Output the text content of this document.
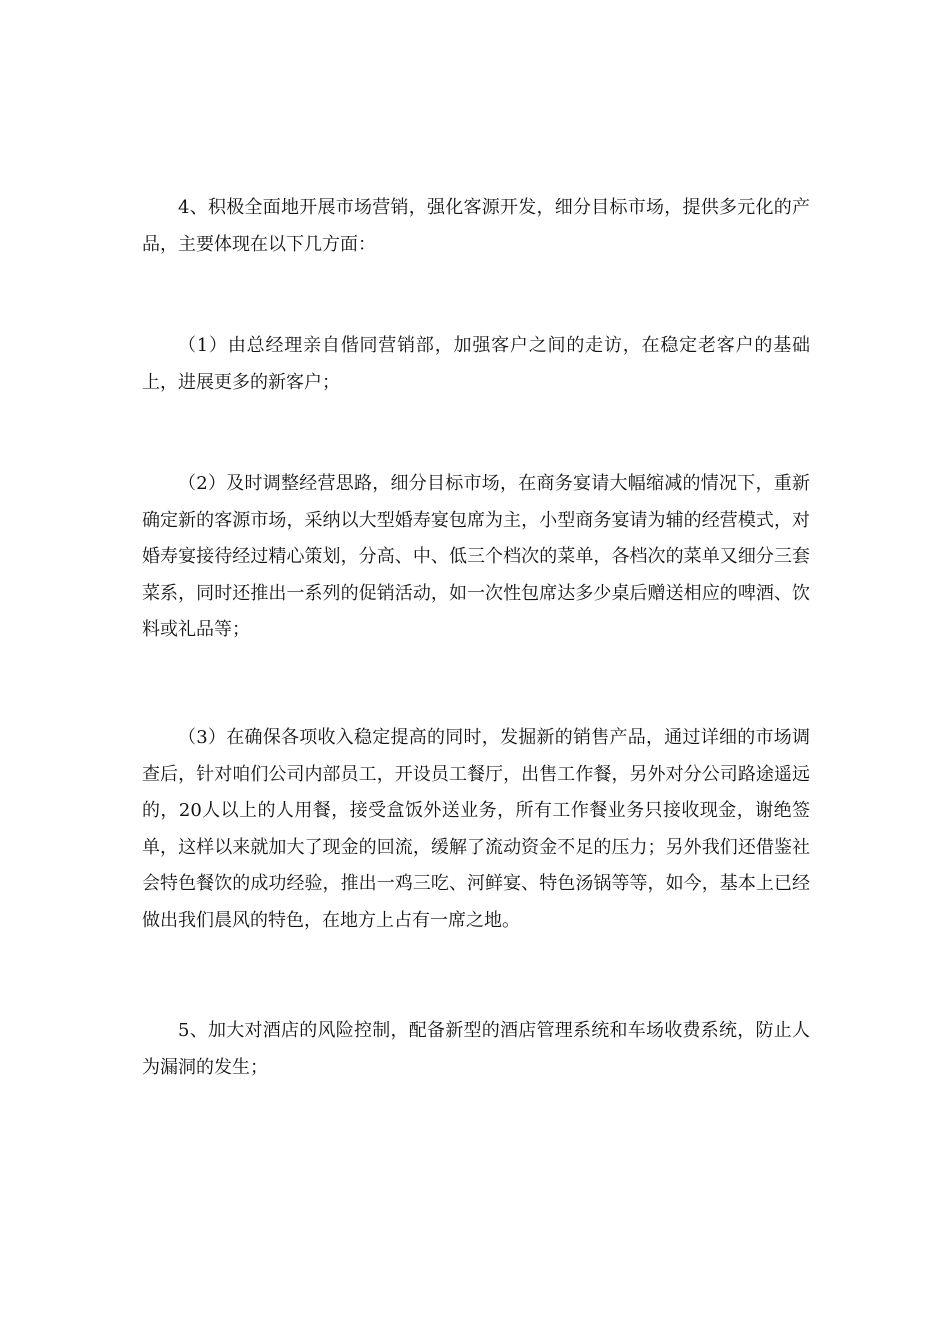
4、积极全面地开展市场营销，强化客源开发，细分目标市场，提供多元化的产品，主要体现在以下几方面：

（1）由总经理亲自偕同营销部，加强客户之间的走访，在稳定老客户的基础上，进展更多的新客户；

（2）及时调整经营思路，细分目标市场，在商务宴请大幅缩减的情况下，重新确定新的客源市场，采纳以大型婚寿宴包席为主，小型商务宴请为辅的经营模式，对婚寿宴接待经过精心策划，分高、中、低三个档次的菜单，各档次的菜单又细分三套菜系，同时还推出一系列的促销活动，如一次性包席达多少桌后赠送相应的啤酒、饮料或礼品等；

（3）在确保各项收入稳定提高的同时，发掘新的销售产品，通过详细的市场调查后，针对咱们公司内部员工，开设员工餐厅，出售工作餐，另外对分公司路途遥远的，20人以上的人用餐，接受盒饭外送业务，所有工作餐业务只接收现金，谢绝签单，这样以来就加大了现金的回流，缓解了流动资金不足的压力；另外我们还借鉴社会特色餐饮的成功经验，推出一鸡三吃、河鲜宴、特色汤锅等等，如今，基本上已经做出我们晨风的特色，在地方上占有一席之地。

5、加大对酒店的风险控制，配备新型的酒店管理系统和车场收费系统，防止人为漏洞的发生；
